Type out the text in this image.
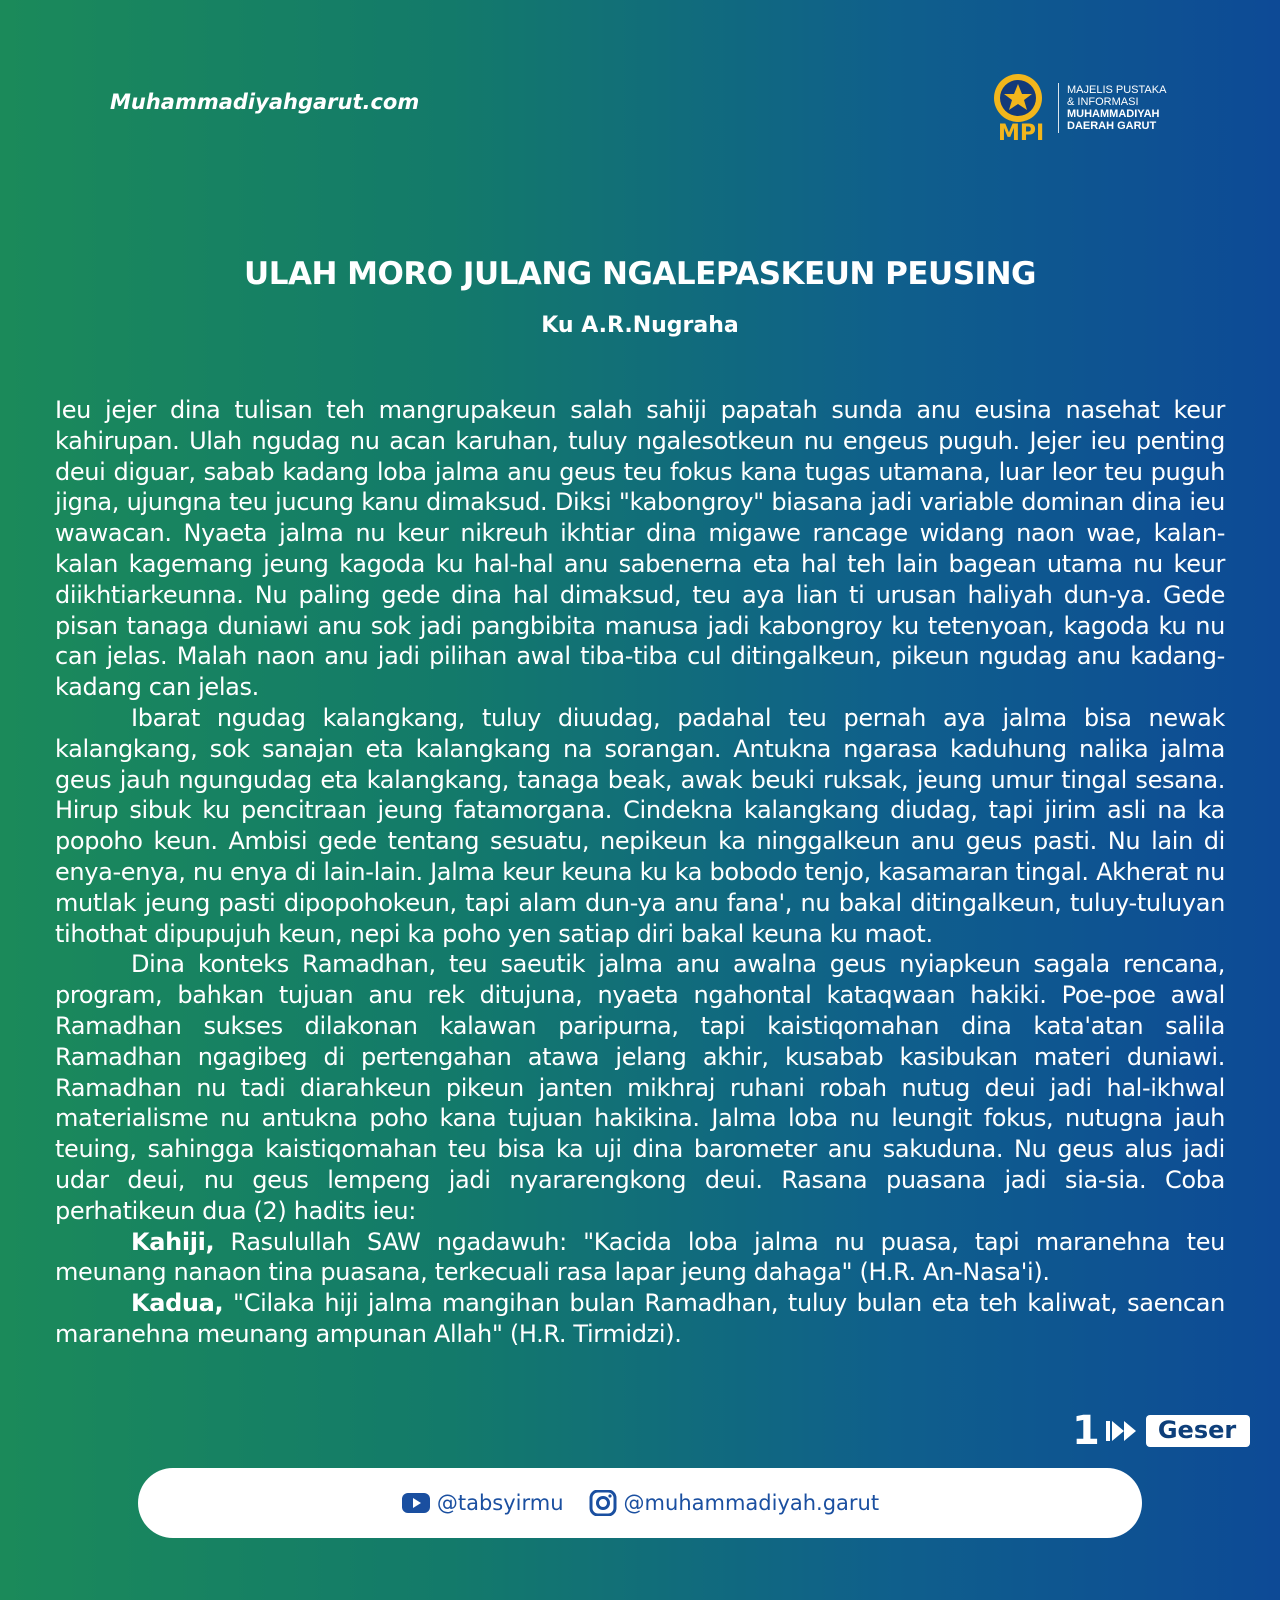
Muhammadiyahgarut.com
MPI
MAJELIS PUSTAKA
& INFORMASI
MUHAMMADIYAH
DAERAH GARUT
ULAH MORO JULANG NGALEPASKEUN PEUSING
Ku A.R.Nugraha

Ieu jejer dina tulisan teh mangrupakeun salah sahiji papatah sunda anu eusina nasehat keur kahirupan. Ulah ngudag nu acan karuhan, tuluy ngalesotkeun nu engeus puguh. Jejer ieu penting deui diguar, sabab kadang loba jalma anu geus teu fokus kana tugas utamana, luar leor teu puguh jigna, ujungna teu jucung kanu dimaksud. Diksi "kabongroy" biasana jadi variable dominan dina ieu wawacan. Nyaeta jalma nu keur nikreuh ikhtiar dina migawe rancage widang naon wae, kalan-kalan kagemang jeung kagoda ku hal-hal anu sabenerna eta hal teh lain bagean utama nu keur diikhtiarkeunna. Nu paling gede dina hal dimaksud, teu aya lian ti urusan haliyah dun-ya. Gede pisan tanaga duniawi anu sok jadi pangbibita manusa jadi kabongroy ku tetenyoan, kagoda ku nu can jelas. Malah naon anu jadi pilihan awal tiba-tiba cul ditingalkeun, pikeun ngudag anu kadang-kadang can jelas.

Ibarat ngudag kalangkang, tuluy diuudag, padahal teu pernah aya jalma bisa newak kalangkang, sok sanajan eta kalangkang na sorangan. Antukna ngarasa kaduhung nalika jalma geus jauh ngungudag eta kalangkang, tanaga beak, awak beuki ruksak, jeung umur tingal sesana. Hirup sibuk ku pencitraan jeung fatamorgana. Cindekna kalangkang diudag, tapi jirim asli na ka popoho keun. Ambisi gede tentang sesuatu, nepikeun ka ninggalkeun anu geus pasti. Nu lain di enya-enya, nu enya di lain-lain. Jalma keur keuna ku ka bobodo tenjo, kasamaran tingal. Akherat nu mutlak jeung pasti dipopohokeun, tapi alam dun-ya anu fana', nu bakal ditingalkeun, tuluy-tuluyan tihothat dipupujuh keun, nepi ka poho yen satiap diri bakal keuna ku maot.

Dina konteks Ramadhan, teu saeutik jalma anu awalna geus nyiapkeun sagala rencana, program, bahkan tujuan anu rek ditujuna, nyaeta ngahontal kataqwaan hakiki. Poe-poe awal Ramadhan sukses dilakonan kalawan paripurna, tapi kaistiqomahan dina kata'atan salila Ramadhan ngagibeg di pertengahan atawa jelang akhir, kusabab kasibukan materi duniawi. Ramadhan nu tadi diarahkeun pikeun janten mikhraj ruhani robah nutug deui jadi hal-ikhwal materialisme nu antukna poho kana tujuan hakikina. Jalma loba nu leungit fokus, nutugna jauh teuing, sahingga kaistiqomahan teu bisa ka uji dina barometer anu sakuduna. Nu geus alus jadi udar deui, nu geus lempeng jadi nyararengkong deui. Rasana puasana jadi sia-sia. Coba perhatikeun dua (2) hadits ieu:

Kahiji, Rasulullah SAW ngadawuh: "Kacida loba jalma nu puasa, tapi maranehna teu meunang nanaon tina puasana, terkecuali rasa lapar jeung dahaga" (H.R. An-Nasa'i).

Kadua, "Cilaka hiji jalma mangihan bulan Ramadhan, tuluy bulan eta teh kaliwat, saencan maranehna meunang ampunan Allah" (H.R. Tirmidzi).

1	Geser
@tabsyirmu	@muhammadiyah.garut
